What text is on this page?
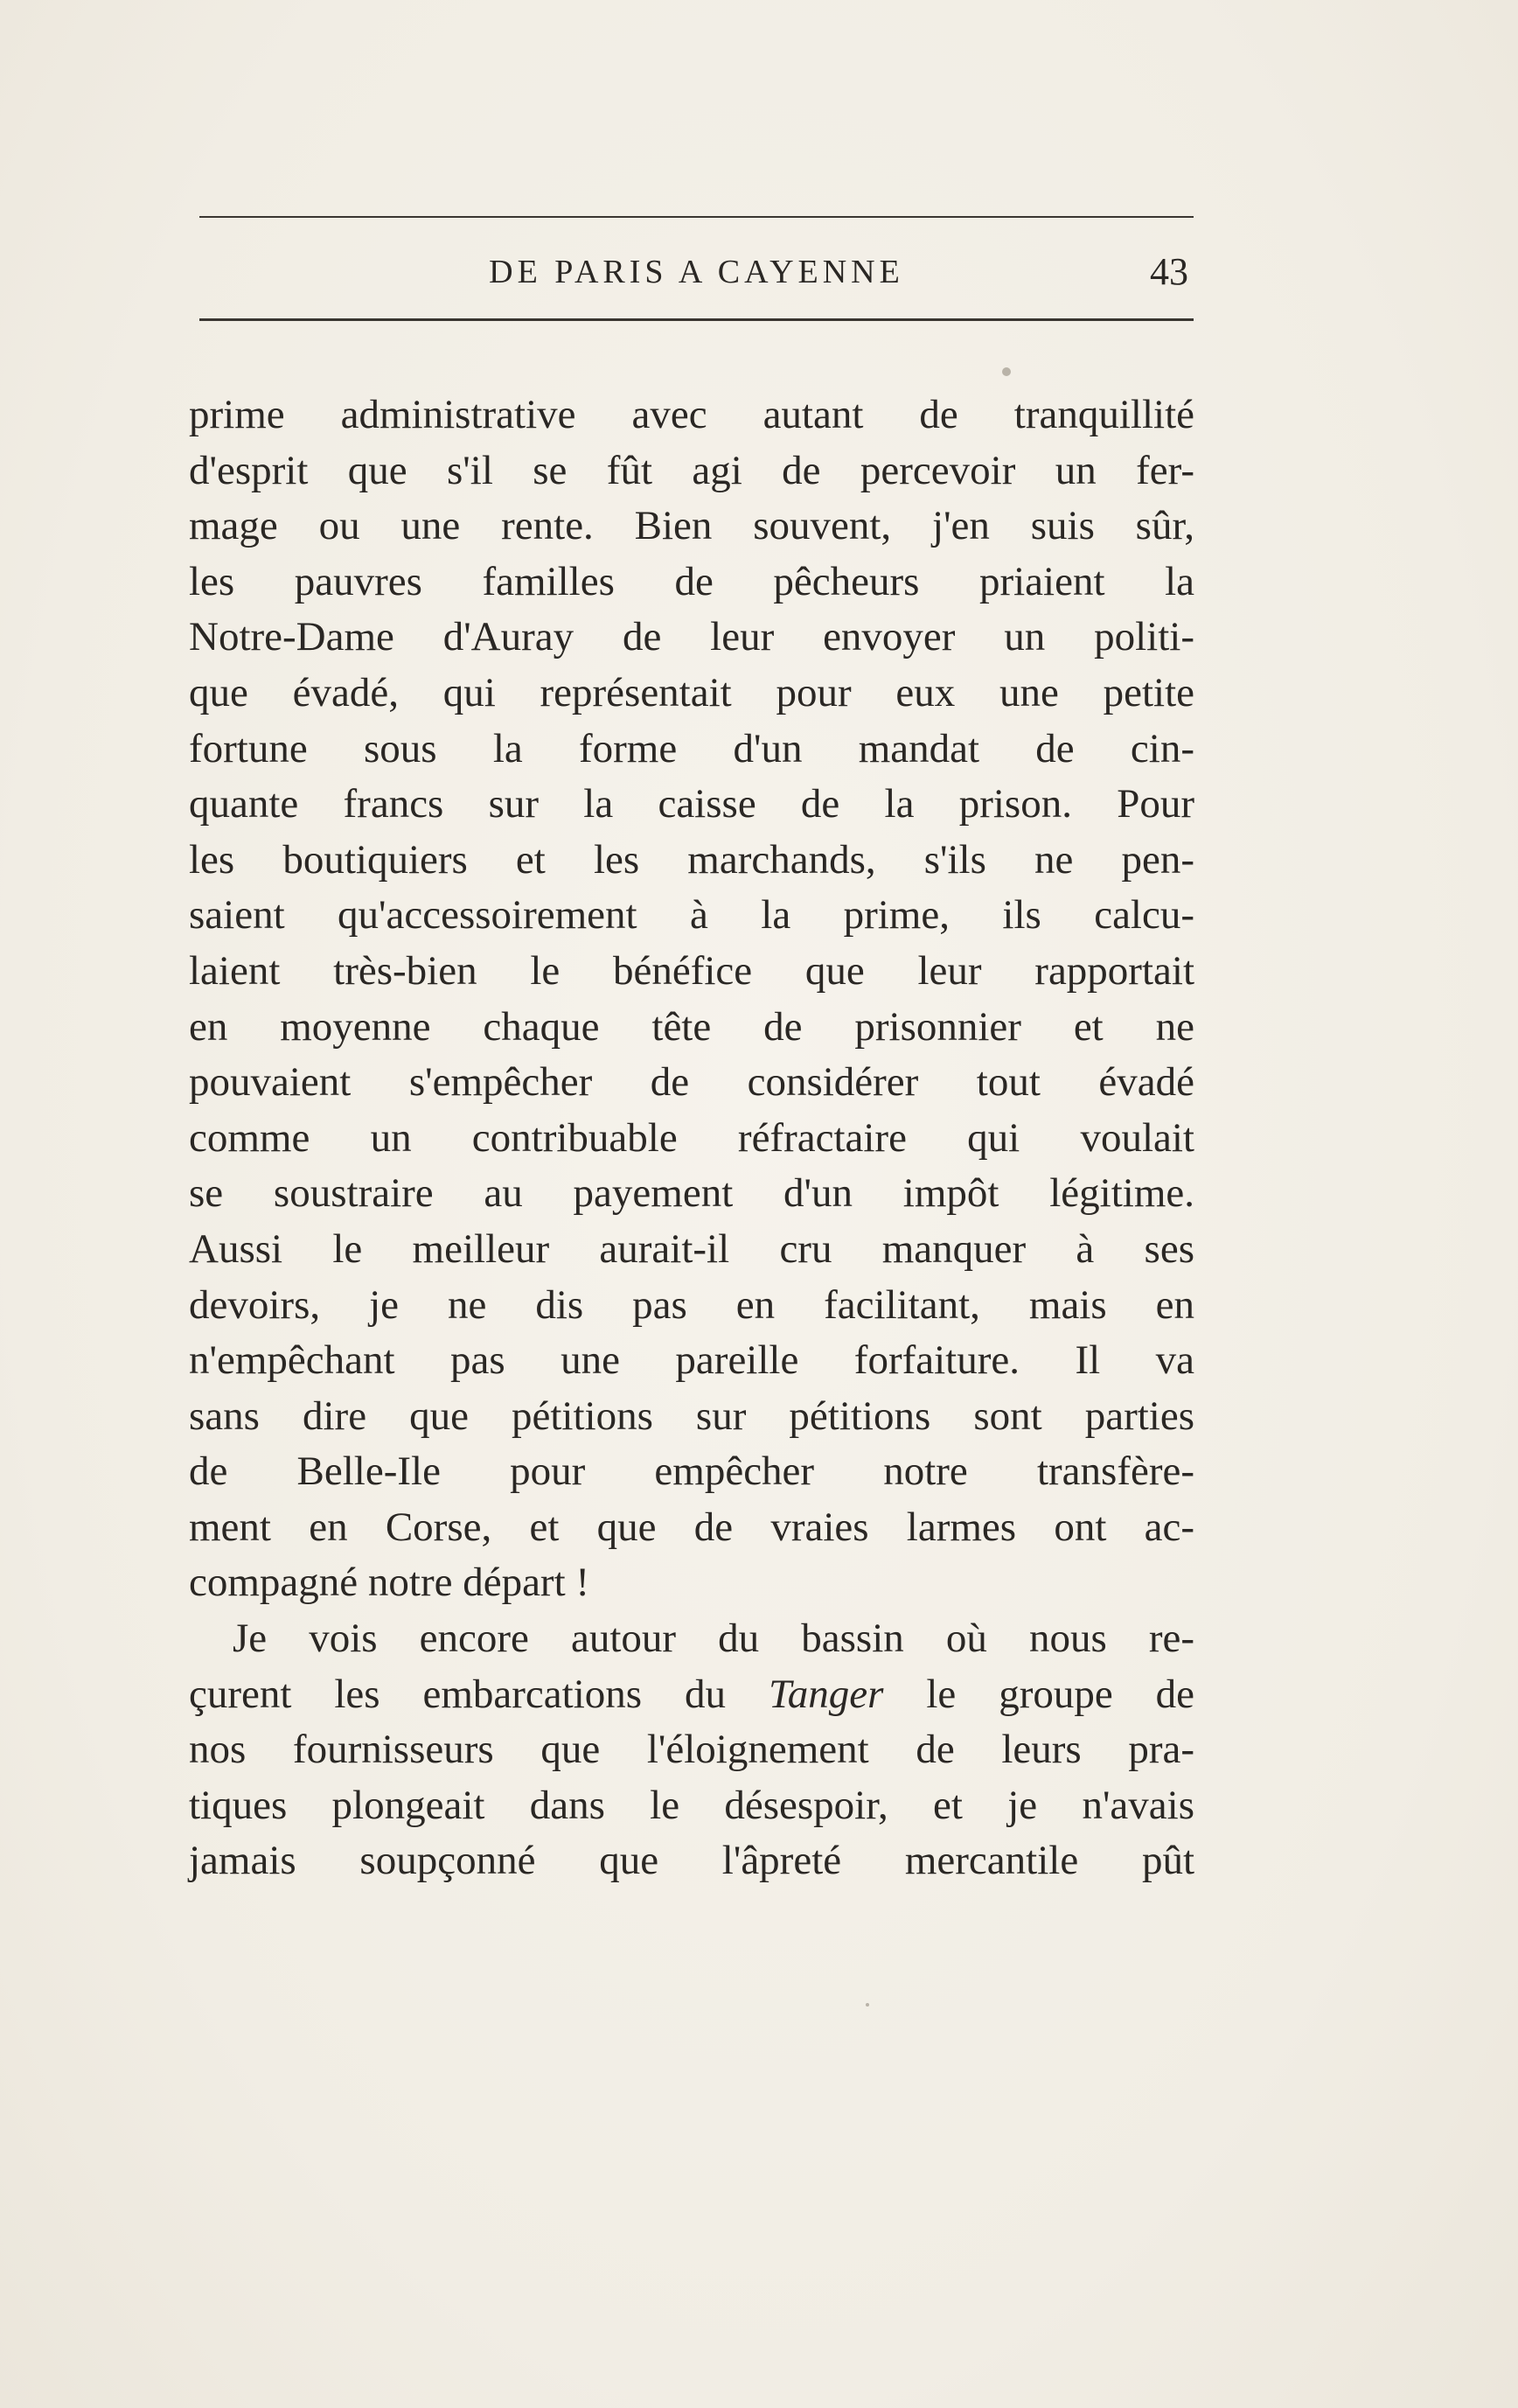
DE PARIS A CAYENNE	43
prime administrative avec autant de tranquillité
d'esprit que s'il se fût agi de percevoir un fer-
mage ou une rente. Bien souvent, j'en suis sûr,
les pauvres familles de pêcheurs priaient la
Notre-Dame d'Auray de leur envoyer un politi-
que évadé, qui représentait pour eux une petite
fortune sous la forme d'un mandat de cin-
quante francs sur la caisse de la prison. Pour
les boutiquiers et les marchands, s'ils ne pen-
saient qu'accessoirement à la prime, ils calcu-
laient très-bien le bénéfice que leur rapportait
en moyenne chaque tête de prisonnier et ne
pouvaient s'empêcher de considérer tout évadé
comme un contribuable réfractaire qui voulait
se soustraire au payement d'un impôt légitime.
Aussi le meilleur aurait-il cru manquer à ses
devoirs, je ne dis pas en facilitant, mais en
n'empêchant pas une pareille forfaiture. Il va
sans dire que pétitions sur pétitions sont parties
de Belle-Ile pour empêcher notre transfère-
ment en Corse, et que de vraies larmes ont ac-
compagné notre départ !
Je vois encore autour du bassin où nous re-
çurent les embarcations du Tanger le groupe de
nos fournisseurs que l'éloignement de leurs pra-
tiques plongeait dans le désespoir, et je n'avais
jamais soupçonné que l'âpreté mercantile pût
